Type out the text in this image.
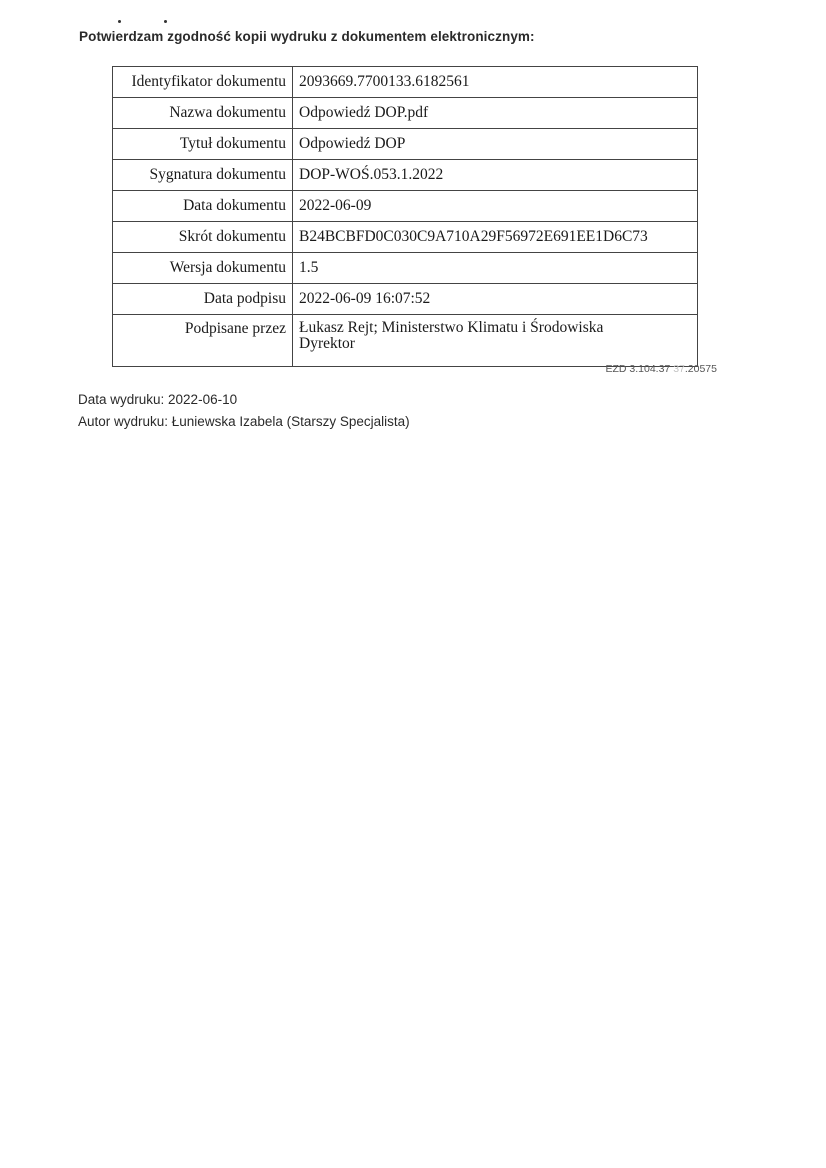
Potwierdzam zgodność kopii wydruku z dokumentem elektronicznym:
Identyfikator dokumentu	2093669.7700133.6182561
Nazwa dokumentu	Odpowiedź DOP.pdf
Tytuł dokumentu	Odpowiedź DOP
Sygnatura dokumentu	DOP-WOŚ.053.1.2022
Data dokumentu	2022-06-09
Skrót dokumentu	B24BCBFD0C030C9A710A29F56972E691EE1D6C73
Wersja dokumentu	1.5
Data podpisu	2022-06-09 16:07:52
Podpisane przez	Łukasz Rejt; Ministerstwo Klimatu i Środowiska
Dyrektor
EZD 3.104.37 37.20575
Data wydruku: 2022-06-10
Autor wydruku: Łuniewska Izabela (Starszy Specjalista)
